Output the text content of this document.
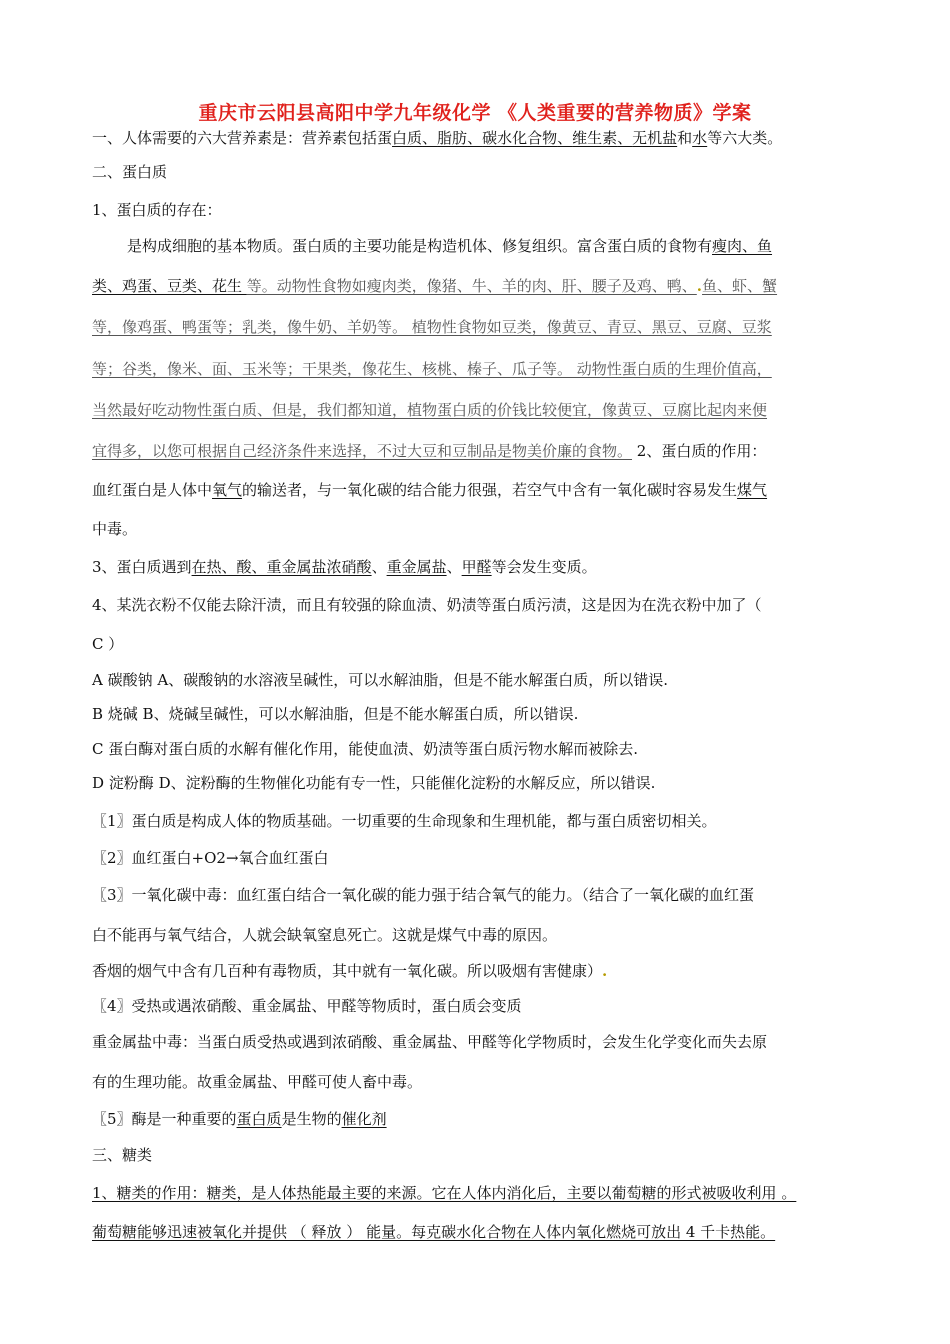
重庆市云阳县高阳中学九年级化学 《人类重要的营养物质》学案
一、人体需要的六大营养素是：营养素包括蛋白质、脂肪、碳水化合物、维生素、无机盐和水等六大类。
二、蛋白质
1、蛋白质的存在：
是构成细胞的基本物质。蛋白质的主要功能是构造机体、修复组织。富含蛋白质的食物有瘦肉、鱼
类、鸡蛋、豆类、花生 等。动物性食物如瘦肉类，像猪、牛、羊的肉、肝、腰子及鸡、鸭、.鱼、虾、蟹
等，像鸡蛋、鸭蛋等；乳类，像牛奶、羊奶等。 植物性食物如豆类，像黄豆、青豆、黑豆、豆腐、豆浆
等；谷类，像米、面、玉米等；干果类，像花生、核桃、榛子、瓜子等。 动物性蛋白质的生理价值高，
当然最好吃动物性蛋白质、但是，我们都知道，植物蛋白质的价钱比较便宜，像黄豆、豆腐比起肉来便
宜得多，以您可根据自己经济条件来选择，不过大豆和豆制品是物美价廉的食物。 2、蛋白质的作用：
血红蛋白是人体中氧气的输送者，与一氧化碳的结合能力很强，若空气中含有一氧化碳时容易发生煤气
中毒。
3、蛋白质遇到在热、酸、重金属盐浓硝酸、重金属盐、甲醛等会发生变质。
4、某洗衣粉不仅能去除汗渍，而且有较强的除血渍、奶渍等蛋白质污渍，这是因为在洗衣粉中加了（
C ）
A 碳酸钠 A、碳酸钠的水溶液呈碱性，可以水解油脂，但是不能水解蛋白质，所以错误.
B 烧碱 B、烧碱呈碱性，可以水解油脂，但是不能水解蛋白质，所以错误.
C 蛋白酶对蛋白质的水解有催化作用，能使血渍、奶渍等蛋白质污物水解而被除去.
D 淀粉酶 D、淀粉酶的生物催化功能有专一性，只能催化淀粉的水解反应，所以错误.
〖1〗蛋白质是构成人体的物质基础。一切重要的生命现象和生理机能，都与蛋白质密切相关。
〖2〗血红蛋白+O2→氧合血红蛋白
〖3〗一氧化碳中毒：血红蛋白结合一氧化碳的能力强于结合氧气的能力。（结合了一氧化碳的血红蛋
白不能再与氧气结合，人就会缺氧窒息死亡。这就是煤气中毒的原因。
香烟的烟气中含有几百种有毒物质，其中就有一氧化碳。所以吸烟有害健康）.
〖4〗受热或遇浓硝酸、重金属盐、甲醛等物质时，蛋白质会变质
重金属盐中毒：当蛋白质受热或遇到浓硝酸、重金属盐、甲醛等化学物质时，会发生化学变化而失去原
有的生理功能。故重金属盐、甲醛可使人畜中毒。
〖5〗酶是一种重要的蛋白质是生物的催化剂
三、糖类
1、糖类的作用：糖类，是人体热能最主要的来源。它在人体内消化后，主要以葡萄糖的形式被吸收利用 。
葡萄糖能够迅速被氧化并提供 （ 释放 ） 能量。每克碳水化合物在人体内氧化燃烧可放出 4 千卡热能。
